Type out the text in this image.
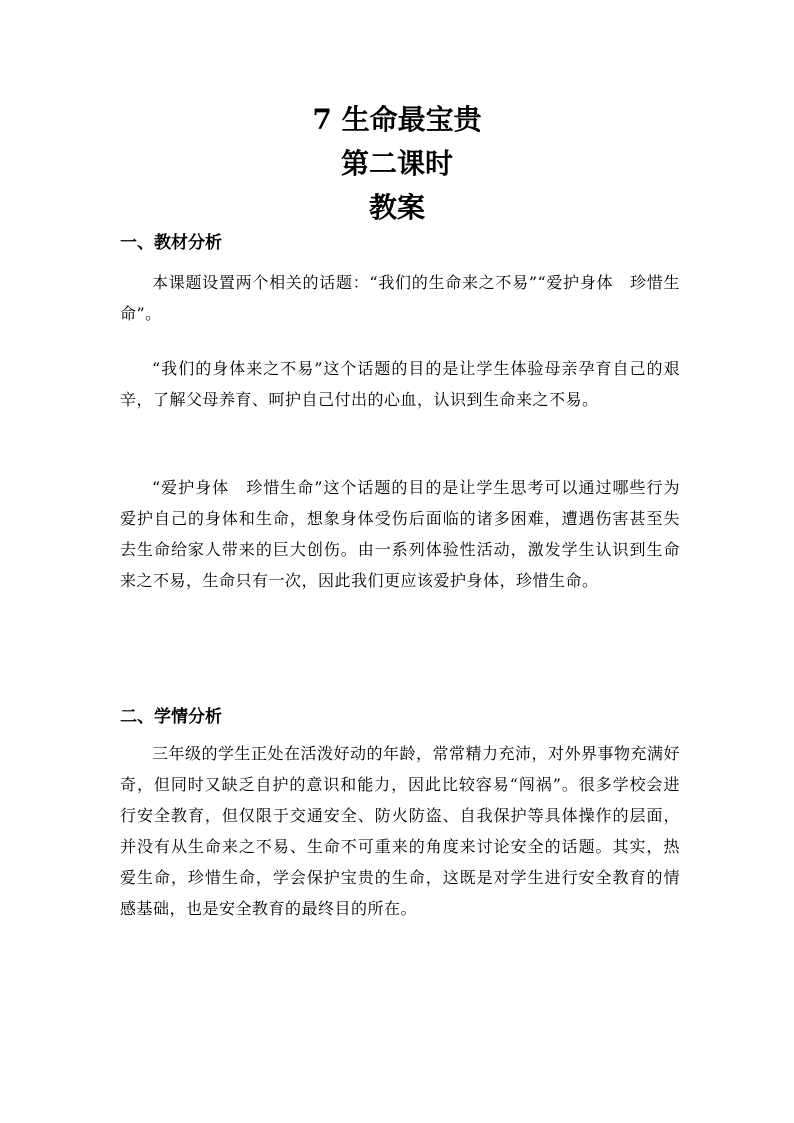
7 生命最宝贵
第二课时
教案
一、教材分析
本课题设置两个相关的话题：“我们的生命来之不易”“爱护身体　珍惜生命”。
“我们的身体来之不易”这个话题的目的是让学生体验母亲孕育自己的艰辛，了解父母养育、呵护自己付出的心血，认识到生命来之不易。
“爱护身体　珍惜生命”这个话题的目的是让学生思考可以通过哪些行为爱护自己的身体和生命，想象身体受伤后面临的诸多困难，遭遇伤害甚至失去生命给家人带来的巨大创伤。由一系列体验性活动，激发学生认识到生命来之不易，生命只有一次，因此我们更应该爱护身体，珍惜生命。
二、学情分析
三年级的学生正处在活泼好动的年龄，常常精力充沛，对外界事物充满好奇，但同时又缺乏自护的意识和能力，因此比较容易“闯祸”。很多学校会进行安全教育，但仅限于交通安全、防火防盗、自我保护等具体操作的层面，并没有从生命来之不易、生命不可重来的角度来讨论安全的话题。其实，热爱生命，珍惜生命，学会保护宝贵的生命，这既是对学生进行安全教育的情感基础，也是安全教育的最终目的所在。
